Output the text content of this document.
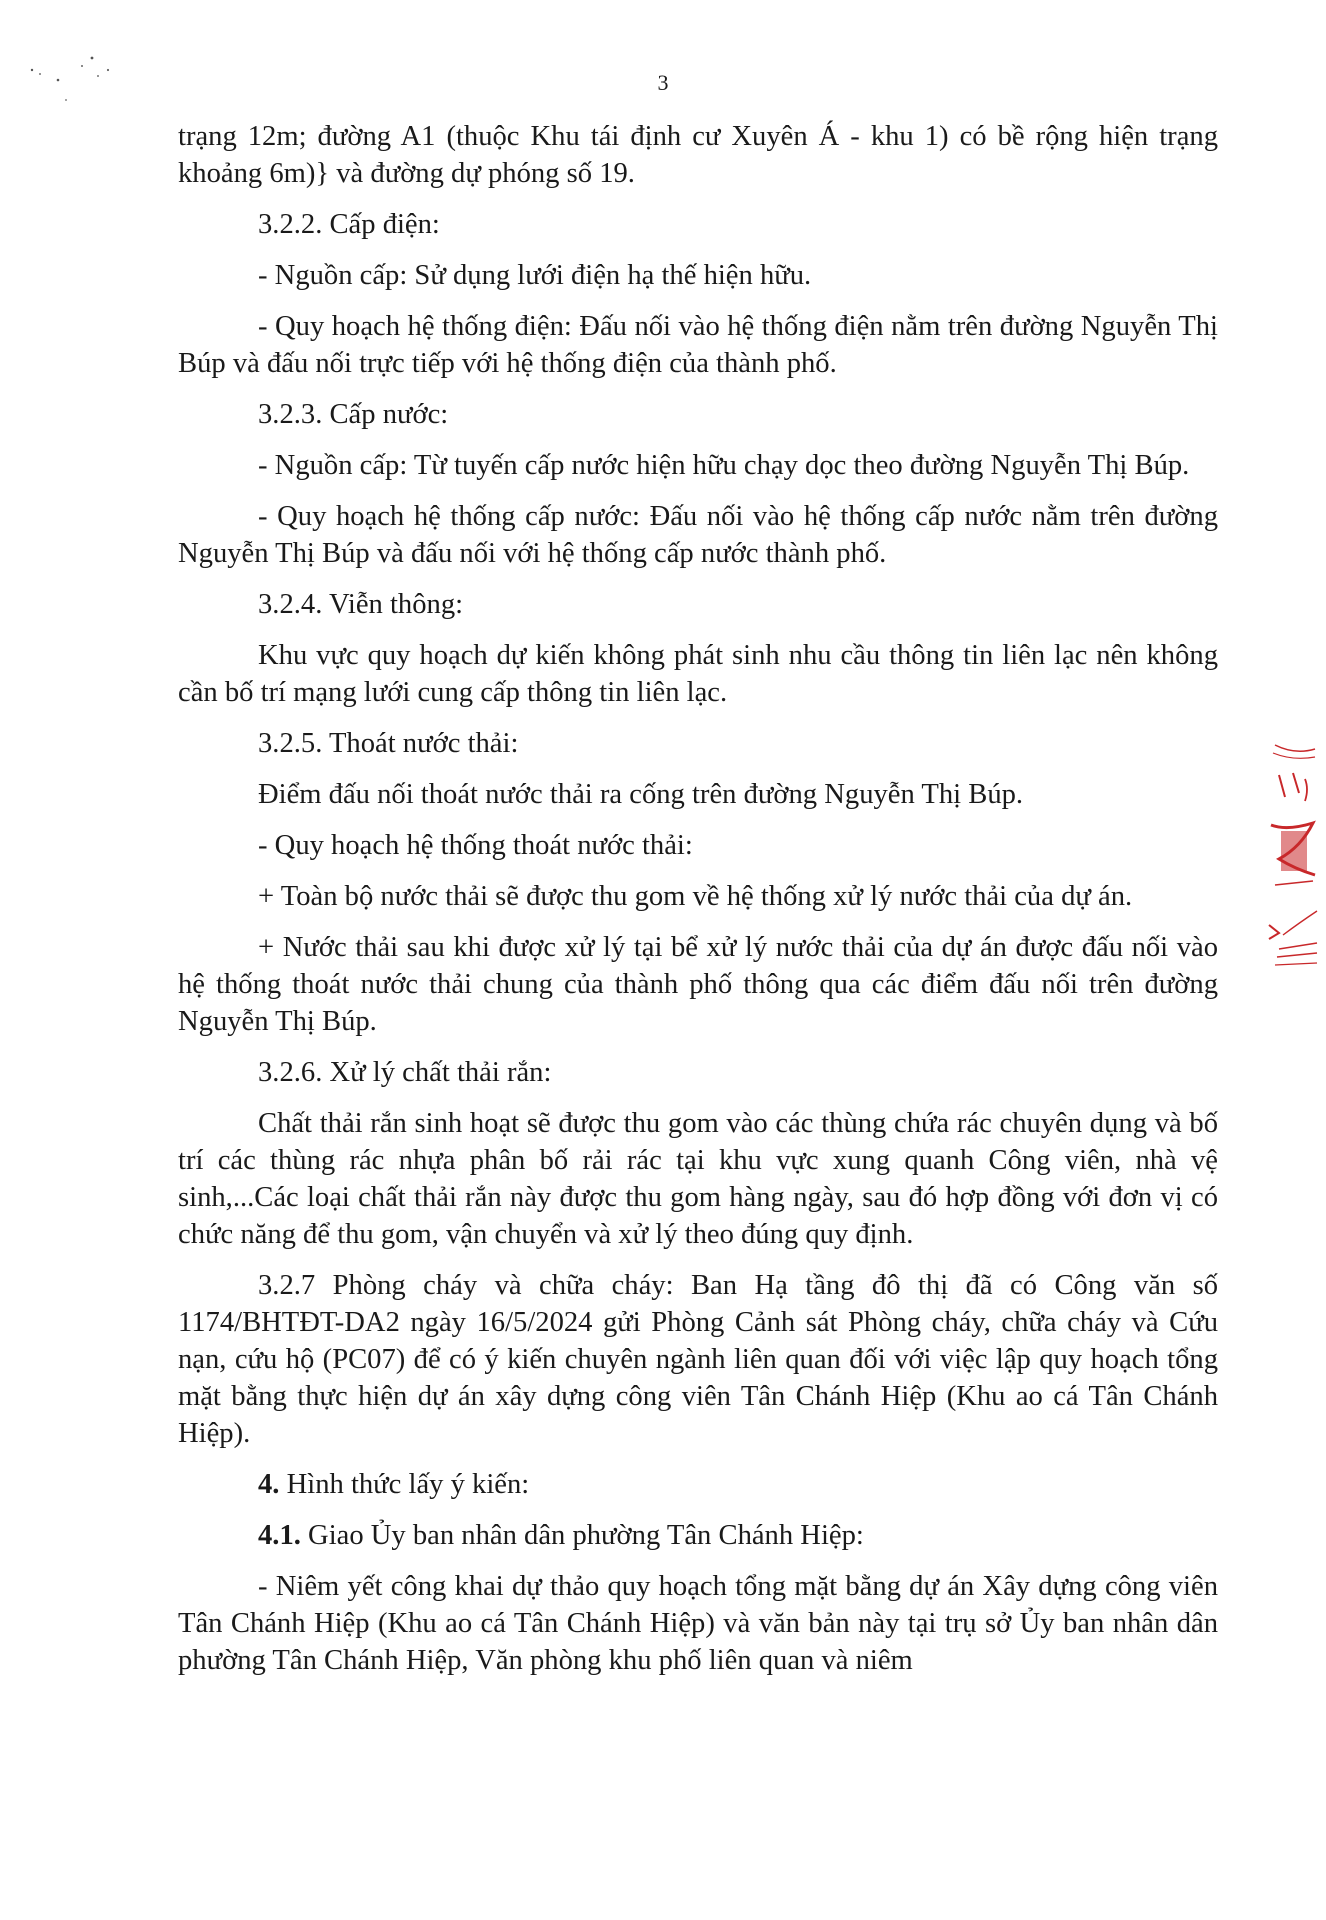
3

trạng 12m; đường A1 (thuộc Khu tái định cư Xuyên Á - khu 1) có bề rộng hiện trạng khoảng 6m)} và đường dự phóng số 19.

3.2.2. Cấp điện:

- Nguồn cấp: Sử dụng lưới điện hạ thế hiện hữu.

- Quy hoạch hệ thống điện: Đấu nối vào hệ thống điện nằm trên đường Nguyễn Thị Búp và đấu nối trực tiếp với hệ thống điện của thành phố.

3.2.3. Cấp nước:

- Nguồn cấp: Từ tuyến cấp nước hiện hữu chạy dọc theo đường Nguyễn Thị Búp.

- Quy hoạch hệ thống cấp nước: Đấu nối vào hệ thống cấp nước nằm trên đường Nguyễn Thị Búp và đấu nối với hệ thống cấp nước thành phố.

3.2.4. Viễn thông:

Khu vực quy hoạch dự kiến không phát sinh nhu cầu thông tin liên lạc nên không cần bố trí mạng lưới cung cấp thông tin liên lạc.

3.2.5. Thoát nước thải:

Điểm đấu nối thoát nước thải ra cống trên đường Nguyễn Thị Búp.

- Quy hoạch hệ thống thoát nước thải:

+ Toàn bộ nước thải sẽ được thu gom về hệ thống xử lý nước thải của dự án.

+ Nước thải sau khi được xử lý tại bể xử lý nước thải của dự án được đấu nối vào hệ thống thoát nước thải chung của thành phố thông qua các điểm đấu nối trên đường Nguyễn Thị Búp.

3.2.6. Xử lý chất thải rắn:

Chất thải rắn sinh hoạt sẽ được thu gom vào các thùng chứa rác chuyên dụng và bố trí các thùng rác nhựa phân bố rải rác tại khu vực xung quanh Công viên, nhà vệ sinh,...Các loại chất thải rắn này được thu gom hàng ngày, sau đó hợp đồng với đơn vị có chức năng để thu gom, vận chuyển và xử lý theo đúng quy định.

3.2.7 Phòng cháy và chữa cháy: Ban Hạ tầng đô thị đã có Công văn số 1174/BHTĐT-DA2 ngày 16/5/2024 gửi Phòng Cảnh sát Phòng cháy, chữa cháy và Cứu nạn, cứu hộ (PC07) để có ý kiến chuyên ngành liên quan đối với việc lập quy hoạch tổng mặt bằng thực hiện dự án xây dựng công viên Tân Chánh Hiệp (Khu ao cá Tân Chánh Hiệp).

4. Hình thức lấy ý kiến:

4.1. Giao Ủy ban nhân dân phường Tân Chánh Hiệp:

- Niêm yết công khai dự thảo quy hoạch tổng mặt bằng dự án Xây dựng công viên Tân Chánh Hiệp (Khu ao cá Tân Chánh Hiệp) và văn bản này tại trụ sở Ủy ban nhân dân phường Tân Chánh Hiệp, Văn phòng khu phố liên quan và niêm
